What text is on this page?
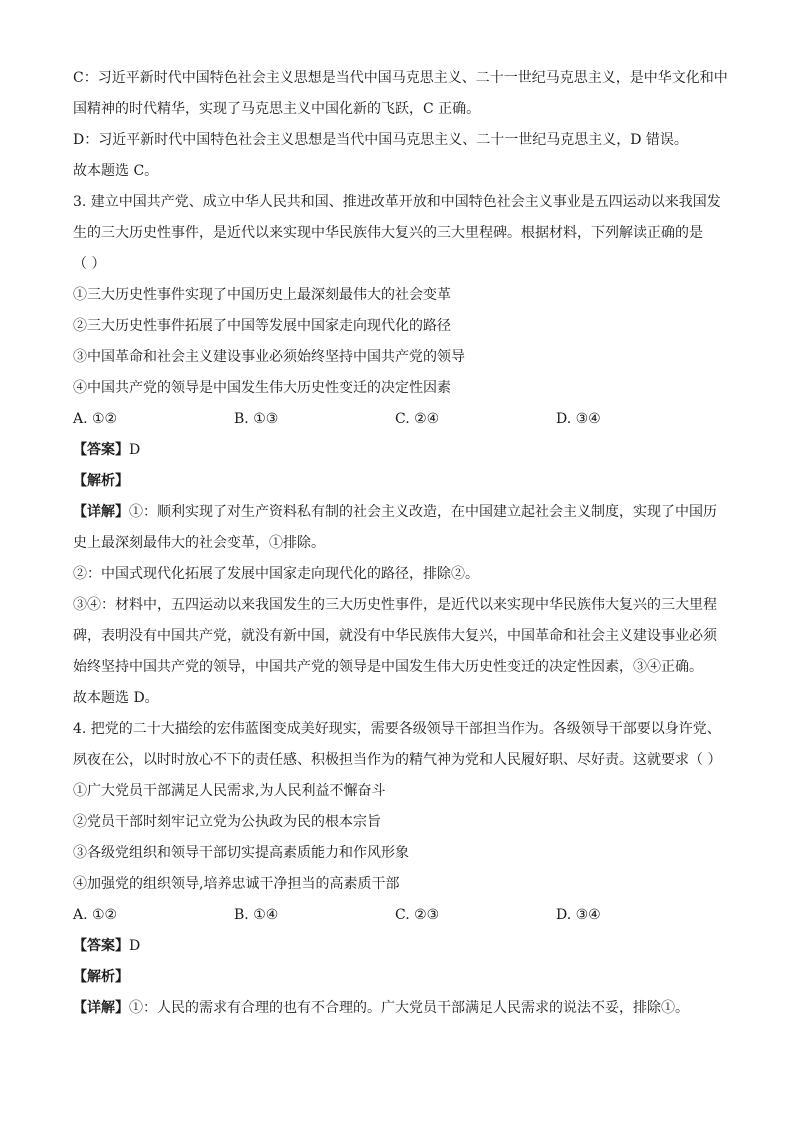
C：习近平新时代中国特色社会主义思想是当代中国马克思主义、二十一世纪马克思主义，是中华文化和中
国精神的时代精华，实现了马克思主义中国化新的飞跃，C 正确。
D：习近平新时代中国特色社会主义思想是当代中国马克思主义、二十一世纪马克思主义，D 错误。
故本题选 C。
3. 建立中国共产党、成立中华人民共和国、推进改革开放和中国特色社会主义事业是五四运动以来我国发
生的三大历史性事件，是近代以来实现中华民族伟大复兴的三大里程碑。根据材料，下列解读正确的是
（ ）
①三大历史性事件实现了中国历史上最深刻最伟大的社会变革
②三大历史性事件拓展了中国等发展中国家走向现代化的路径
③中国革命和社会主义建设事业必须始终坚持中国共产党的领导
④中国共产党的领导是中国发生伟大历史性变迁的决定性因素
A. ①②	B. ①③	C. ②④	D. ③④
【答案】D
【解析】
【详解】①：顺利实现了对生产资料私有制的社会主义改造，在中国建立起社会主义制度，实现了中国历
史上最深刻最伟大的社会变革，①排除。
②：中国式现代化拓展了发展中国家走向现代化的路径，排除②。
③④：材料中，五四运动以来我国发生的三大历史性事件，是近代以来实现中华民族伟大复兴的三大里程
碑，表明没有中国共产党，就没有新中国，就没有中华民族伟大复兴，中国革命和社会主义建设事业必须
始终坚持中国共产党的领导，中国共产党的领导是中国发生伟大历史性变迁的决定性因素，③④正确。
故本题选 D。
4. 把党的二十大描绘的宏伟蓝图变成美好现实，需要各级领导干部担当作为。各级领导干部要以身许党、
夙夜在公，以时时放心不下的责任感、积极担当作为的精气神为党和人民履好职、尽好责。这就要求（ ）
①广大党员干部满足人民需求,为人民利益不懈奋斗
②党员干部时刻牢记立党为公执政为民的根本宗旨
③各级党组织和领导干部切实提高素质能力和作风形象
④加强党的组织领导,培养忠诚干净担当的高素质干部
A. ①②	B. ①④	C. ②③	D. ③④
【答案】D
【解析】
【详解】①：人民的需求有合理的也有不合理的。广大党员干部满足人民需求的说法不妥，排除①。
